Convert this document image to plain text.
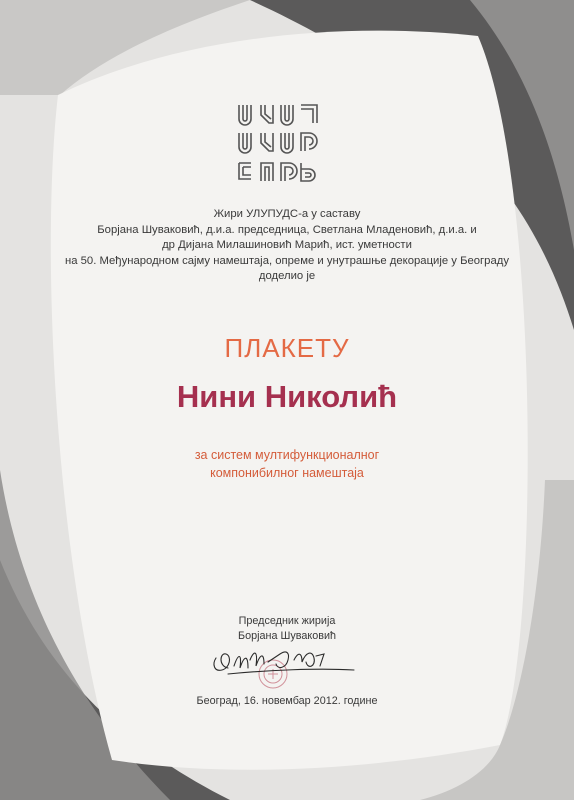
Жири УЛУПУДС-а у саставу
Борјана Шуваковић, д.и.а. председница, Светлана Младеновић, д.и.а. и
др Дијана Милашиновић Марић, ист. уметности
на 50. Међународном сајму намештаја, опреме и унутрашње декорације у Београду
доделио је
ПЛАКЕТУ
Нини Николић
за систем мултифункционалног
компонибилног намештаја
Председник жирија
Борјана Шуваковић
Београд, 16. новембар 2012. године
